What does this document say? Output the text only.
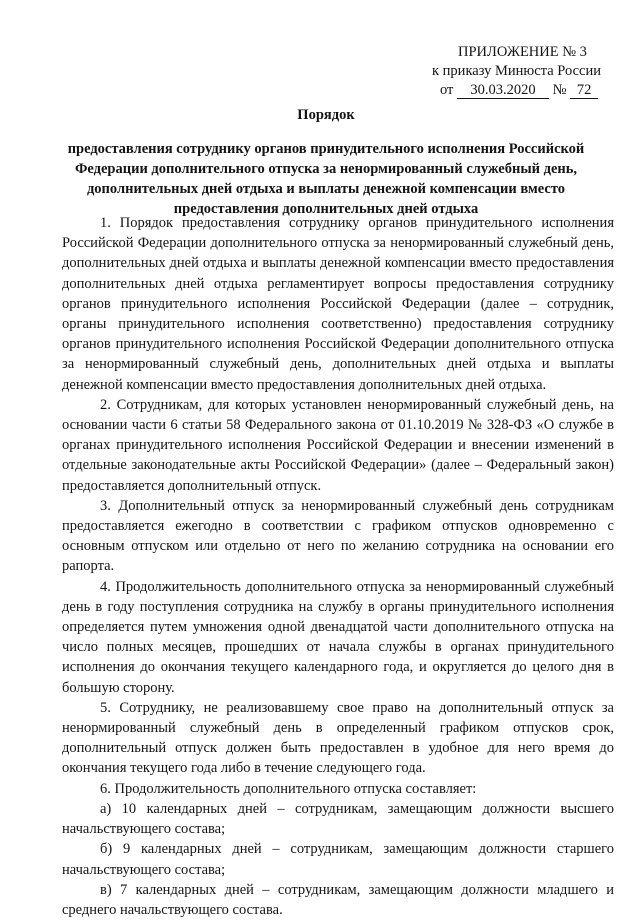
ПРИЛОЖЕНИЕ № 3
к приказу Минюста России
от 30.03.2020 № 72
Порядок
предоставления сотруднику органов принудительного исполнения Российской Федерации дополнительного отпуска за ненормированный служебный день, дополнительных дней отдыха и выплаты денежной компенсации вместо предоставления дополнительных дней отдыха

1. Порядок предоставления сотруднику органов принудительного исполнения Российской Федерации дополнительного отпуска за ненормированный служебный день, дополнительных дней отдыха и выплаты денежной компенсации вместо предоставления дополнительных дней отдыха регламентирует вопросы предоставления сотруднику органов принудительного исполнения Российской Федерации (далее – сотрудник, органы принудительного исполнения соответственно) предоставления сотруднику органов принудительного исполнения Российской Федерации дополнительного отпуска за ненормированный служебный день, дополнительных дней отдыха и выплаты денежной компенсации вместо предоставления дополнительных дней отдыха.

2. Сотрудникам, для которых установлен ненормированный служебный день, на основании части 6 статьи 58 Федерального закона от 01.10.2019 № 328-ФЗ «О службе в органах принудительного исполнения Российской Федерации и внесении изменений в отдельные законодательные акты Российской Федерации» (далее – Федеральный закон) предоставляется дополнительный отпуск.

3. Дополнительный отпуск за ненормированный служебный день сотрудникам предоставляется ежегодно в соответствии с графиком отпусков одновременно с основным отпуском или отдельно от него по желанию сотрудника на основании его рапорта.

4. Продолжительность дополнительного отпуска за ненормированный служебный день в году поступления сотрудника на службу в органы принудительного исполнения определяется путем умножения одной двенадцатой части дополнительного отпуска на число полных месяцев, прошедших от начала службы в органах принудительного исполнения до окончания текущего календарного года, и округляется до целого дня в большую сторону.

5. Сотруднику, не реализовавшему свое право на дополнительный отпуск за ненормированный служебный день в определенный графиком отпусков срок, дополнительный отпуск должен быть предоставлен в удобное для него время до окончания текущего года либо в течение следующего года.

6. Продолжительность дополнительного отпуска составляет:

а) 10 календарных дней – сотрудникам, замещающим должности высшего начальствующего состава;

б) 9 календарных дней – сотрудникам, замещающим должности старшего начальствующего состава;

в) 7 календарных дней – сотрудникам, замещающим должности младшего и среднего начальствующего состава.
